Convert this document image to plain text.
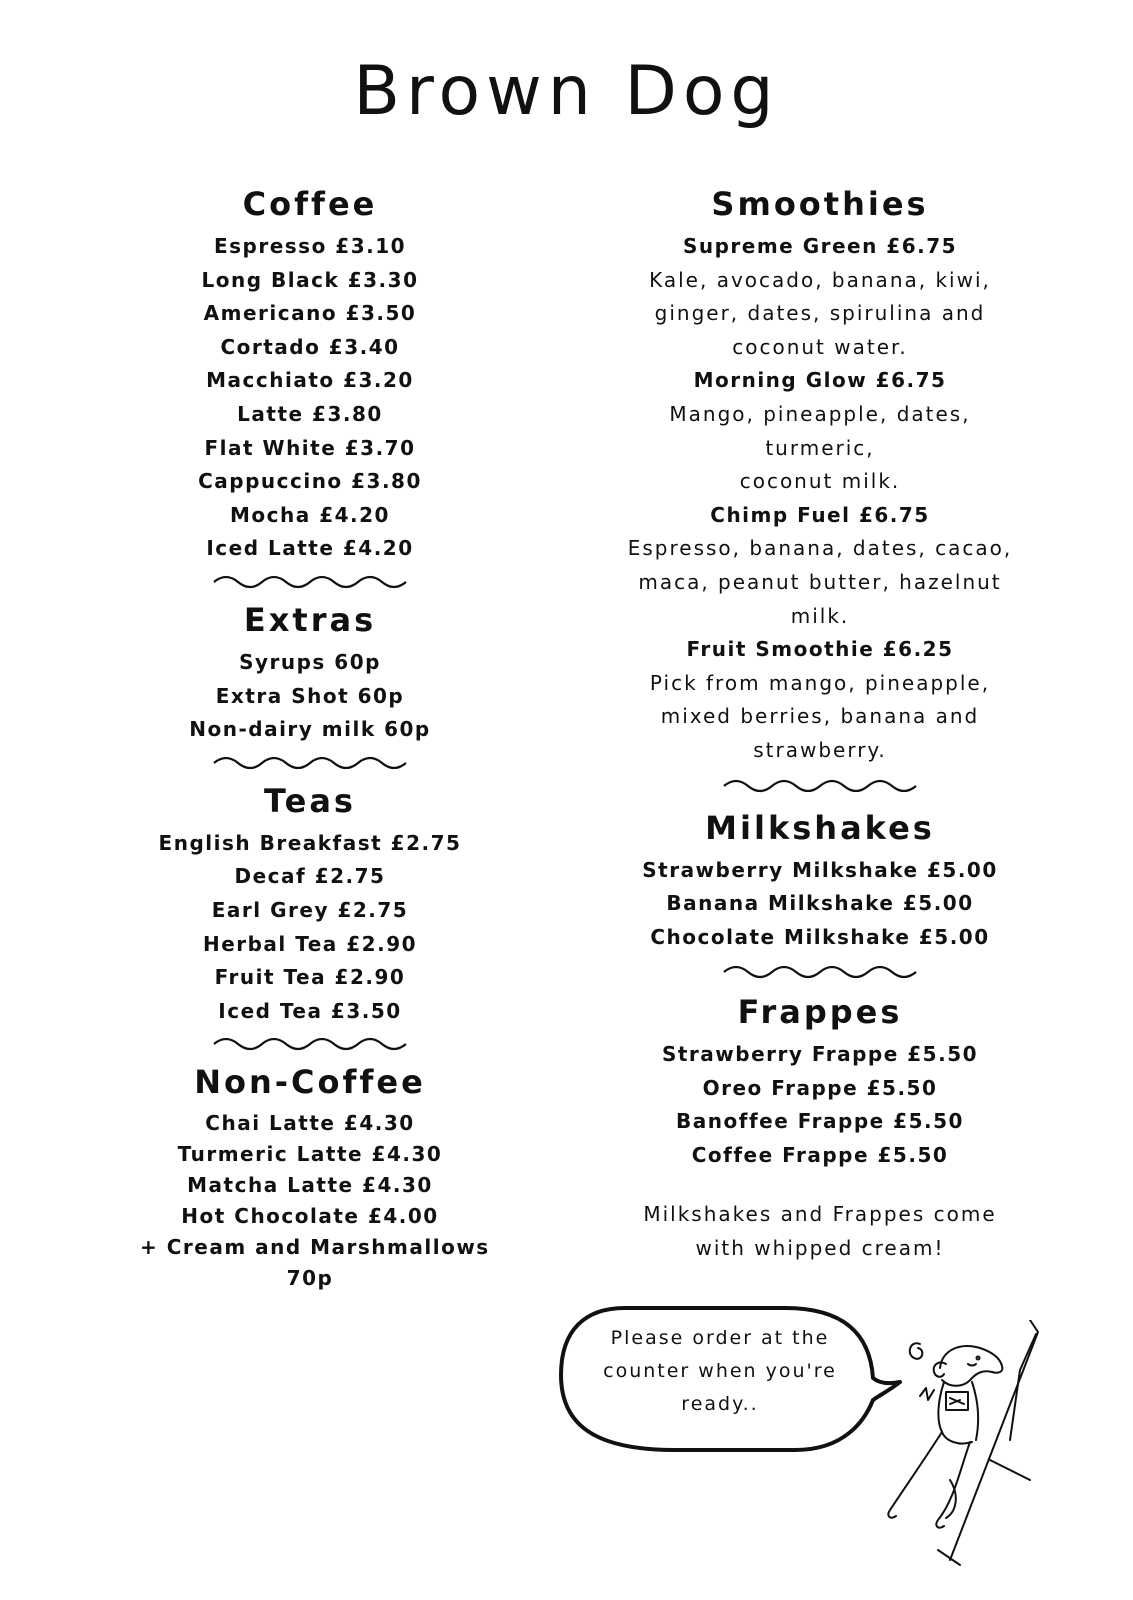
Brown Dog
Coffee
Espresso £3.10
Long Black £3.30
Americano £3.50
Cortado £3.40
Macchiato £3.20
Latte £3.80
Flat White £3.70
Cappuccino £3.80
Mocha £4.20
Iced Latte £4.20
Extras
Syrups 60p
Extra Shot 60p
Non-dairy milk 60p
Teas
English Breakfast £2.75
Decaf £2.75
Earl Grey £2.75
Herbal Tea £2.90
Fruit Tea £2.90
Iced Tea £3.50
Non-Coffee
Chai Latte £4.30
Turmeric Latte £4.30
Matcha Latte £4.30
Hot Chocolate £4.00
+ Cream and Marshmallows
70p
Smoothies
Supreme Green £6.75
Kale, avocado, banana, kiwi,
ginger, dates, spirulina and
coconut water.
Morning Glow £6.75
Mango, pineapple, dates,
turmeric,
coconut milk.
Chimp Fuel £6.75
Espresso, banana, dates, cacao,
maca, peanut butter, hazelnut
milk.
Fruit Smoothie £6.25
Pick from mango, pineapple,
mixed berries, banana and
strawberry.
Milkshakes
Strawberry Milkshake £5.00
Banana Milkshake £5.00
Chocolate Milkshake £5.00
Frappes
Strawberry Frappe £5.50
Oreo Frappe £5.50
Banoffee Frappe £5.50
Coffee Frappe £5.50
Milkshakes and Frappes come
with whipped cream!
Please order at the
counter when you're
ready..
